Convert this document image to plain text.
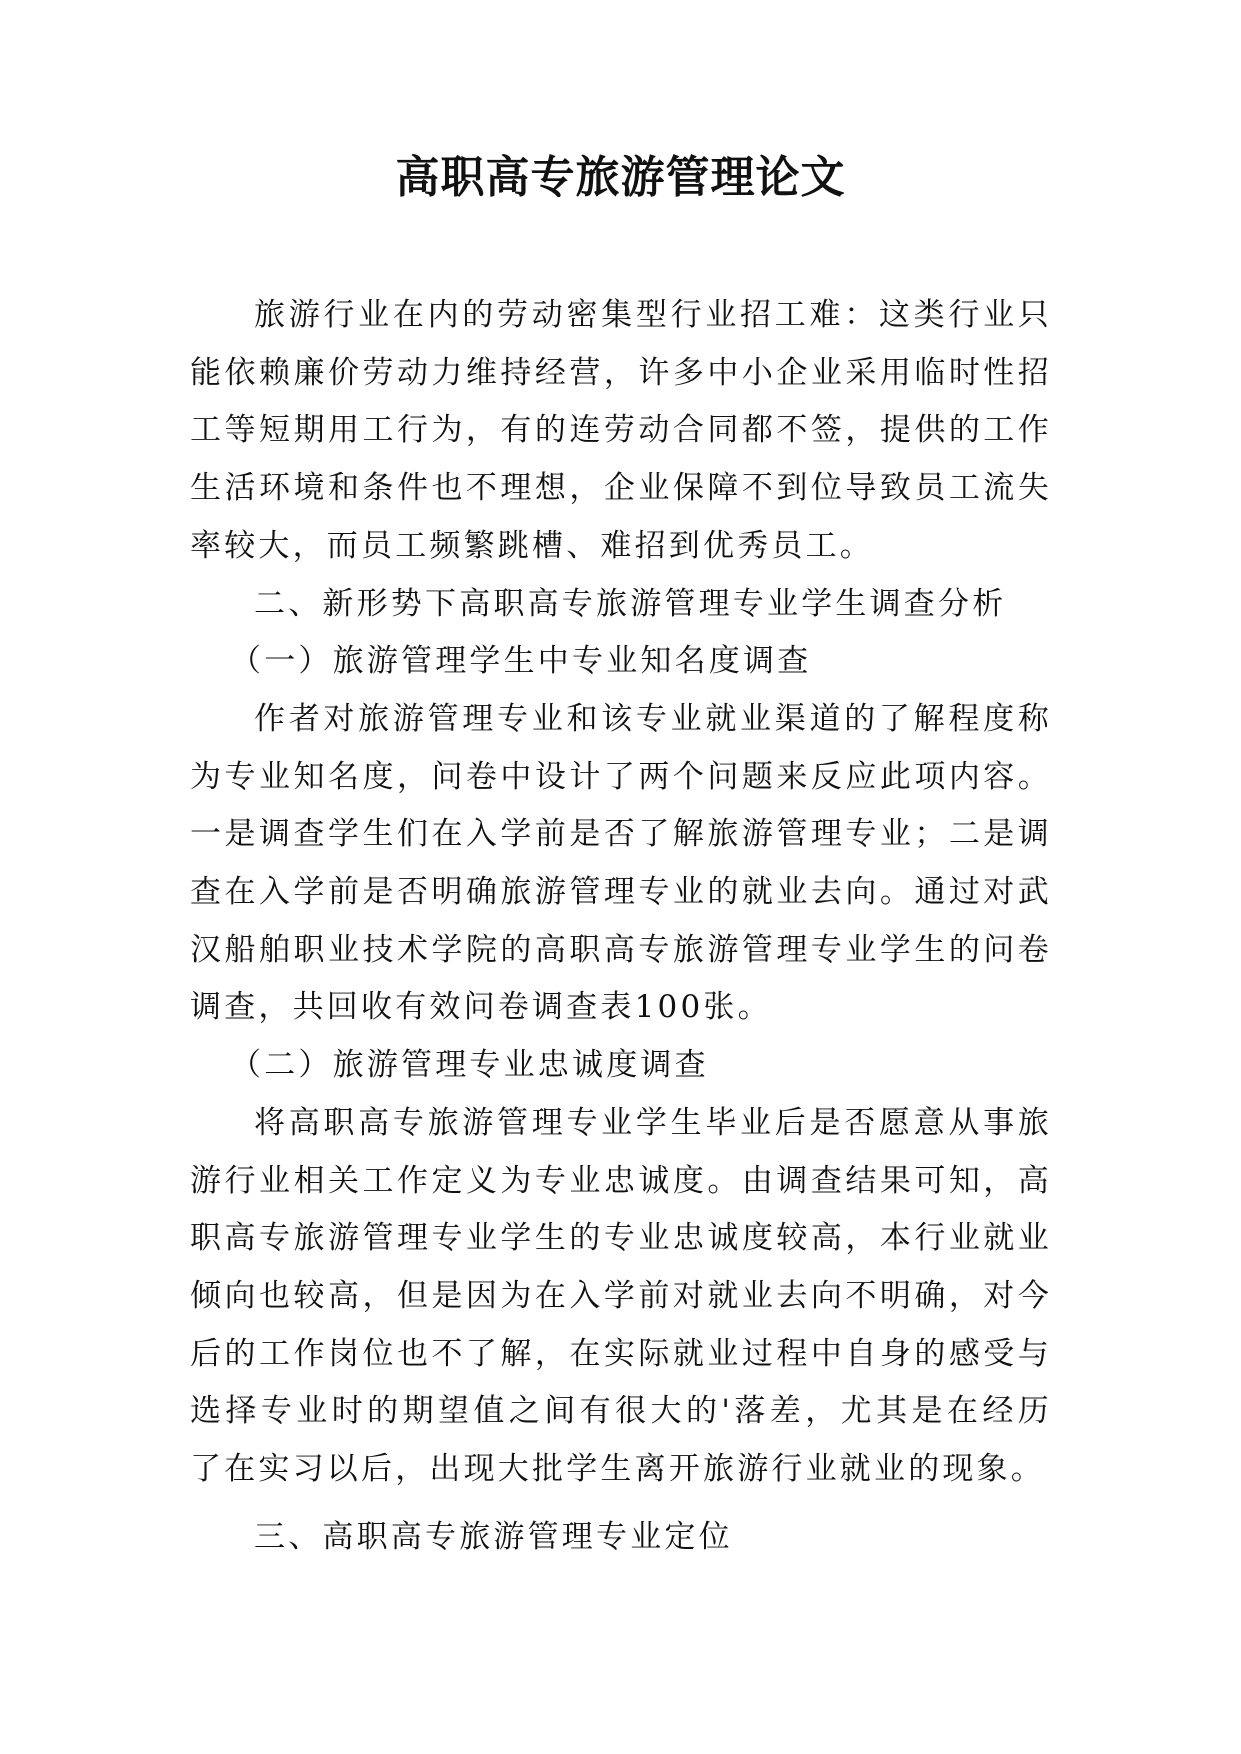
高职高专旅游管理论文

旅游行业在内的劳动密集型行业招工难：这类行业只能依赖廉价劳动力维持经营，许多中小企业采用临时性招工等短期用工行为，有的连劳动合同都不签，提供的工作生活环境和条件也不理想，企业保障不到位导致员工流失率较大，而员工频繁跳槽、难招到优秀员工。

二、新形势下高职高专旅游管理专业学生调查分析

（一）旅游管理学生中专业知名度调查

作者对旅游管理专业和该专业就业渠道的了解程度称为专业知名度，问卷中设计了两个问题来反应此项内容。一是调查学生们在入学前是否了解旅游管理专业；二是调查在入学前是否明确旅游管理专业的就业去向。通过对武汉船舶职业技术学院的高职高专旅游管理专业学生的问卷调查，共回收有效问卷调查表100张。

（二）旅游管理专业忠诚度调查

将高职高专旅游管理专业学生毕业后是否愿意从事旅游行业相关工作定义为专业忠诚度。由调查结果可知，高职高专旅游管理专业学生的专业忠诚度较高，本行业就业倾向也较高，但是因为在入学前对就业去向不明确，对今后的工作岗位也不了解，在实际就业过程中自身的感受与选择专业时的期望值之间有很大的'落差，尤其是在经历了在实习以后，出现大批学生离开旅游行业就业的现象。

三、高职高专旅游管理专业定位
